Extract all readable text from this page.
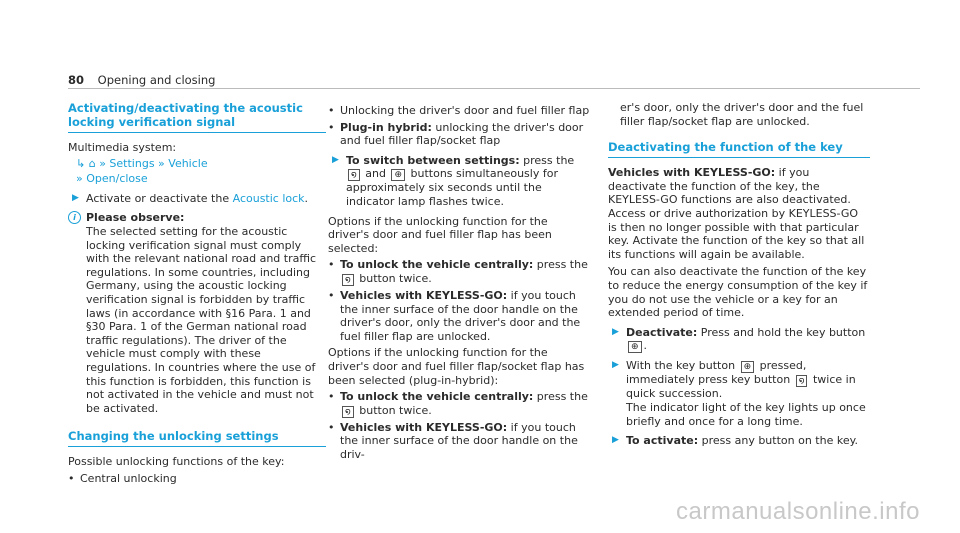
80 Opening and closing
Activating/deactivating the acoustic locking verification signal
Multimedia system:
↳ ⌂ » Settings » Vehicle
» Open/close
▶ Activate or deactivate the Acoustic lock.
i Please observe:
The selected setting for the acoustic locking verification signal must comply with the relevant national road and traffic regulations. In some countries, including Germany, using the acoustic locking verification signal is forbidden by traffic laws (in accordance with §16 Para. 1 and §30 Para. 1 of the German national road traffic regulations). The driver of the vehicle must comply with these regulations. In countries where the use of this function is forbidden, this function is not activated in the vehicle and must not be activated.
Changing the unlocking settings
Possible unlocking functions of the key:
• Central unlocking
• Unlocking the driver's door and fuel filler flap
• Plug-in hybrid: unlocking the driver's door and fuel filler flap/socket flap
▶ To switch between settings: press the ໑ and ⊕ buttons simultaneously for approximately six seconds until the indicator lamp flashes twice.
Options if the unlocking function for the driver's door and fuel filler flap has been selected:
• To unlock the vehicle centrally: press the ໑ button twice.
• Vehicles with KEYLESS-GO: if you touch the inner surface of the door handle on the driver's door, only the driver's door and the fuel filler flap are unlocked.
Options if the unlocking function for the driver's door and fuel filler flap/socket flap has been selected (plug-in-hybrid):
• To unlock the vehicle centrally: press the ໑ button twice.
• Vehicles with KEYLESS-GO: if you touch the inner surface of the door handle on the driv-
er's door, only the driver's door and the fuel filler flap/socket flap are unlocked.
Deactivating the function of the key
Vehicles with KEYLESS-GO: if you deactivate the function of the key, the KEYLESS-GO functions are also deactivated. Access or drive authorization by KEYLESS-GO is then no longer possible with that particular key. Activate the function of the key so that all its functions will again be available.
You can also deactivate the function of the key to reduce the energy consumption of the key if you do not use the vehicle or a key for an extended period of time.
▶ Deactivate: Press and hold the key button
⊕ .
▶ With the key button ⊕ pressed, immediately press key button ໑ twice in quick succession.
The indicator light of the key lights up once briefly and once for a long time.
▶ To activate: press any button on the key.
carmanualsonline.info
